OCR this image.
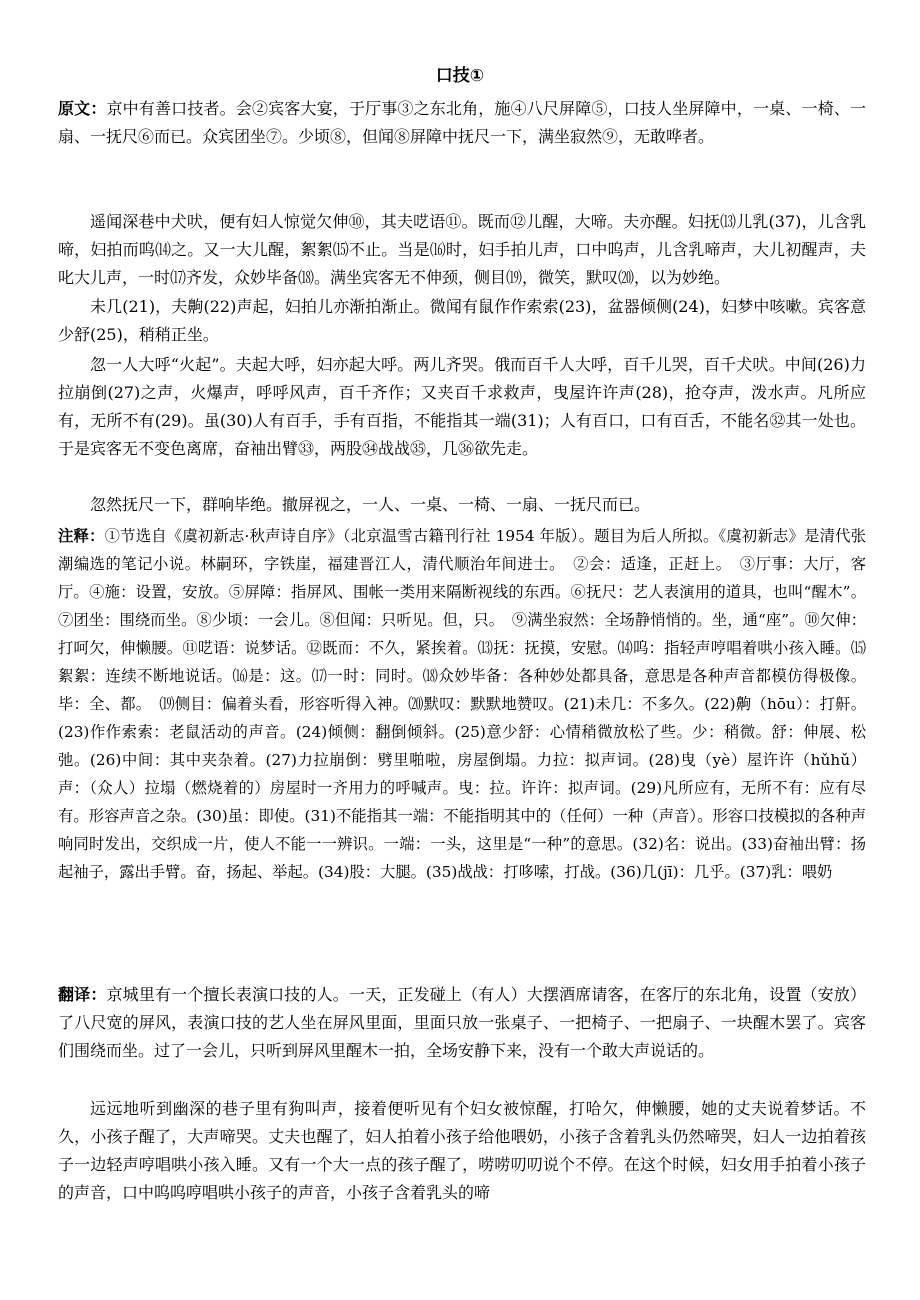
口技①

原文：京中有善口技者。会②宾客大宴，于厅事③之东北角，施④八尺屏障⑤，口技人坐屏障中，一桌、一椅、一扇、一抚尺⑥而已。众宾团坐⑦。少顷⑧，但闻⑧屏障中抚尺一下，满坐寂然⑨，无敢哗者。

遥闻深巷中犬吠，便有妇人惊觉欠伸⑩，其夫呓语⑪。既而⑫儿醒，大啼。夫亦醒。妇抚⒀儿乳(37)，儿含乳啼，妇拍而呜⒁之。又一大儿醒，絮絮⒂不止。当是⒃时，妇手拍儿声，口中呜声，儿含乳啼声，大儿初醒声，夫叱大儿声，一时⒄齐发，众妙毕备⒅。满坐宾客无不伸颈，侧目⒆，微笑，默叹⒇，以为妙绝。

未几(21)，夫齁(22)声起，妇拍儿亦渐拍渐止。微闻有鼠作作索索(23)，盆器倾侧(24)，妇梦中咳嗽。宾客意少舒(25)，稍稍正坐。

忽一人大呼“火起”。夫起大呼，妇亦起大呼。两儿齐哭。俄而百千人大呼，百千儿哭，百千犬吠。中间(26)力拉崩倒(27)之声，火爆声，呼呼风声，百千齐作；又夹百千求救声，曳屋许许声(28)，抢夺声，泼水声。凡所应有，无所不有(29)。虽(30)人有百手，手有百指，不能指其一端(31)；人有百口，口有百舌，不能名㉜其一处也。于是宾客无不变色离席，奋袖出臂㉝，两股㉞战战㉟，几㊱欲先走。

忽然抚尺一下，群响毕绝。撤屏视之，一人、一桌、一椅、一扇、一抚尺而已。

注释：①节选自《虞初新志·秋声诗自序》（北京温雪古籍刊行社 1954 年版）。题目为后人所拟。《虞初新志》是清代张潮编选的笔记小说。林嗣环，字铁崖，福建晋江人，清代顺治年间进士。　②会：适逢，正赶上。　③厅事：大厅，客厅。④施：设置，安放。⑤屏障：指屏风、围帐一类用来隔断视线的东西。⑥抚尺：艺人表演用的道具，也叫“醒木”。⑦团坐：围绕而坐。⑧少顷：一会儿。⑧但闻：只听见。但，只。　⑨满坐寂然：全场静悄悄的。坐，通“座”。⑩欠伸：打呵欠，伸懒腰。⑪呓语：说梦话。⑫既而：不久，紧挨着。⒀抚：抚摸，安慰。⒁呜：指轻声哼唱着哄小孩入睡。⒂絮絮：连续不断地说话。⒃是：这。⒄一时：同时。⒅众妙毕备：各种妙处都具备，意思是各种声音都模仿得极像。毕：全、都。　⒆侧目：偏着头看，形容听得入神。⒇默叹：默默地赞叹。(21)未几：不多久。(22)齁（hōu）：打鼾。(23)作作索索：老鼠活动的声音。(24)倾侧：翻倒倾斜。(25)意少舒：心情稍微放松了些。少：稍微。舒：伸展、松弛。(26)中间：其中夹杂着。(27)力拉崩倒：劈里啪啦，房屋倒塌。力拉：拟声词。(28)曳（yè）屋许许（hǔhǔ）声：（众人）拉塌（燃烧着的）房屋时一齐用力的呼喊声。曳：拉。许许：拟声词。(29)凡所应有，无所不有：应有尽有。形容声音之杂。(30)虽：即使。(31)不能指其一端：不能指明其中的（任何）一种（声音）。形容口技模拟的各种声响同时发出，交织成一片，使人不能一一辨识。一端：一头，这里是“一种”的意思。(32)名：说出。(33)奋袖出臂：扬起袖子，露出手臂。奋，扬起、举起。(34)股：大腿。(35)战战：打哆嗦，打战。(36)几(jī)：几乎。(37)乳：喂奶

翻译：京城里有一个擅长表演口技的人。一天，正发碰上（有人）大摆酒席请客，在客厅的东北角，设置（安放）了八尺宽的屏风，表演口技的艺人坐在屏风里面，里面只放一张桌子、一把椅子、一把扇子、一块醒木罢了。宾客们围绕而坐。过了一会儿，只听到屏风里醒木一拍，全场安静下来，没有一个敢大声说话的。

远远地听到幽深的巷子里有狗叫声，接着便听见有个妇女被惊醒，打哈欠，伸懒腰，她的丈夫说着梦话。不久，小孩子醒了，大声啼哭。丈夫也醒了，妇人拍着小孩子给他喂奶，小孩子含着乳头仍然啼哭，妇人一边拍着孩子一边轻声哼唱哄小孩入睡。又有一个大一点的孩子醒了，唠唠叨叨说个不停。在这个时候，妇女用手拍着小孩子的声音，口中呜呜哼唱哄小孩子的声音，小孩子含着乳头的啼
